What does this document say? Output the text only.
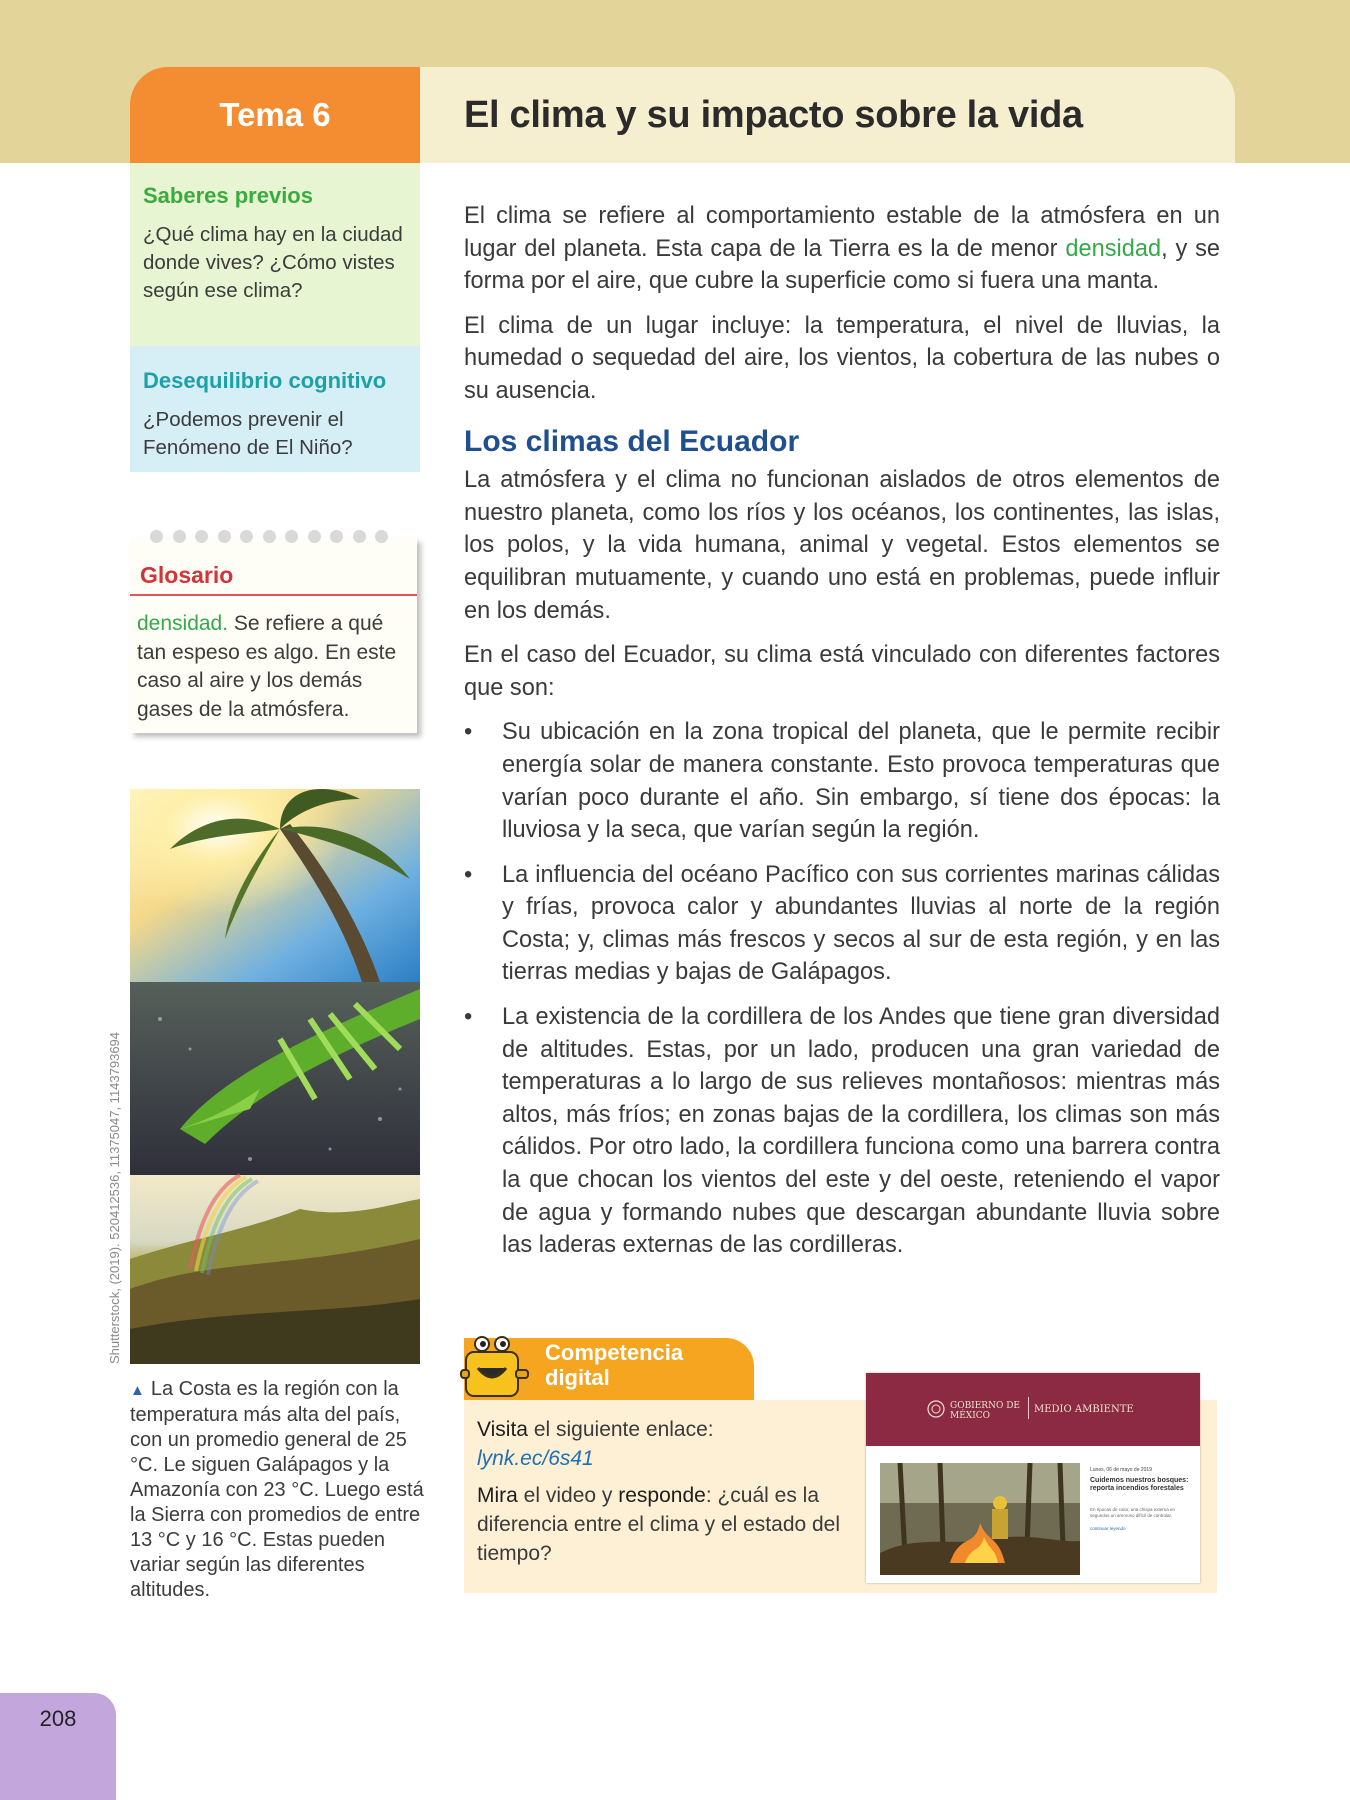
Tema 6	El clima y su impacto sobre la vida
Saberes previos
¿Qué clima hay en la ciudad donde vives? ¿Cómo vistes según ese clima?
Desequilibrio cognitivo
¿Podemos prevenir el Fenómeno de El Niño?
Glosario
densidad. Se refiere a qué tan espeso es algo. En este caso al aire y los demás gases de la atmósfera.
Shutterstock, (2019). 520412536, 11375047, 1143793694
▲ La Costa es la región con la temperatura más alta del país, con un promedio general de 25 °C. Le siguen Galápagos y la Amazonía con 23 °C. Luego está la Sierra con promedios de entre 13 °C y 16 °C. Estas pueden variar según las diferentes altitudes.

El clima se refiere al comportamiento estable de la atmósfera en un lugar del planeta. Esta capa de la Tierra es la de menor densidad, y se forma por el aire, que cubre la superficie como si fuera una manta.

El clima de un lugar incluye: la temperatura, el nivel de lluvias, la humedad o sequedad del aire, los vientos, la cobertura de las nubes o su ausencia.

Los climas del Ecuador

La atmósfera y el clima no funcionan aislados de otros elementos de nuestro planeta, como los ríos y los océanos, los continentes, las islas, los polos, y la vida humana, animal y vegetal. Estos elementos se equilibran mutuamente, y cuando uno está en problemas, puede influir en los demás.

En el caso del Ecuador, su clima está vinculado con diferentes factores que son:

• Su ubicación en la zona tropical del planeta, que le permite recibir energía solar de manera constante. Esto provoca temperaturas que varían poco durante el año. Sin embargo, sí tiene dos épocas: la lluviosa y la seca, que varían según la región.
• La influencia del océano Pacífico con sus corrientes marinas cálidas y frías, provoca calor y abundantes lluvias al norte de la región Costa; y, climas más frescos y secos al sur de esta región, y en las tierras medias y bajas de Galápagos.
• La existencia de la cordillera de los Andes que tiene gran diversidad de altitudes. Estas, por un lado, producen una gran variedad de temperaturas a lo largo de sus relieves montañosos: mientras más altos, más fríos; en zonas bajas de la cordillera, los climas son más cálidos. Por otro lado, la cordillera funciona como una barrera contra la que chocan los vientos del este y del oeste, reteniendo el vapor de agua y formando nubes que descargan abundante lluvia sobre las laderas externas de las cordilleras.
Competencia
digital

Visita el siguiente enlace:
lynk.ec/6s41

Mira el video y responde: ¿cuál es la diferencia entre el clima y el estado del tiempo?

GOBIERNO DE
MÉXICO
MEDIO AMBIENTE
Lunes, 06 de mayo de 2019
Cuidemos nuestros bosques: reporta incendios forestales
En épocas de calor, una chispa externa en segundos un amoroso difícil de controlar.
continuar leyendo
208
